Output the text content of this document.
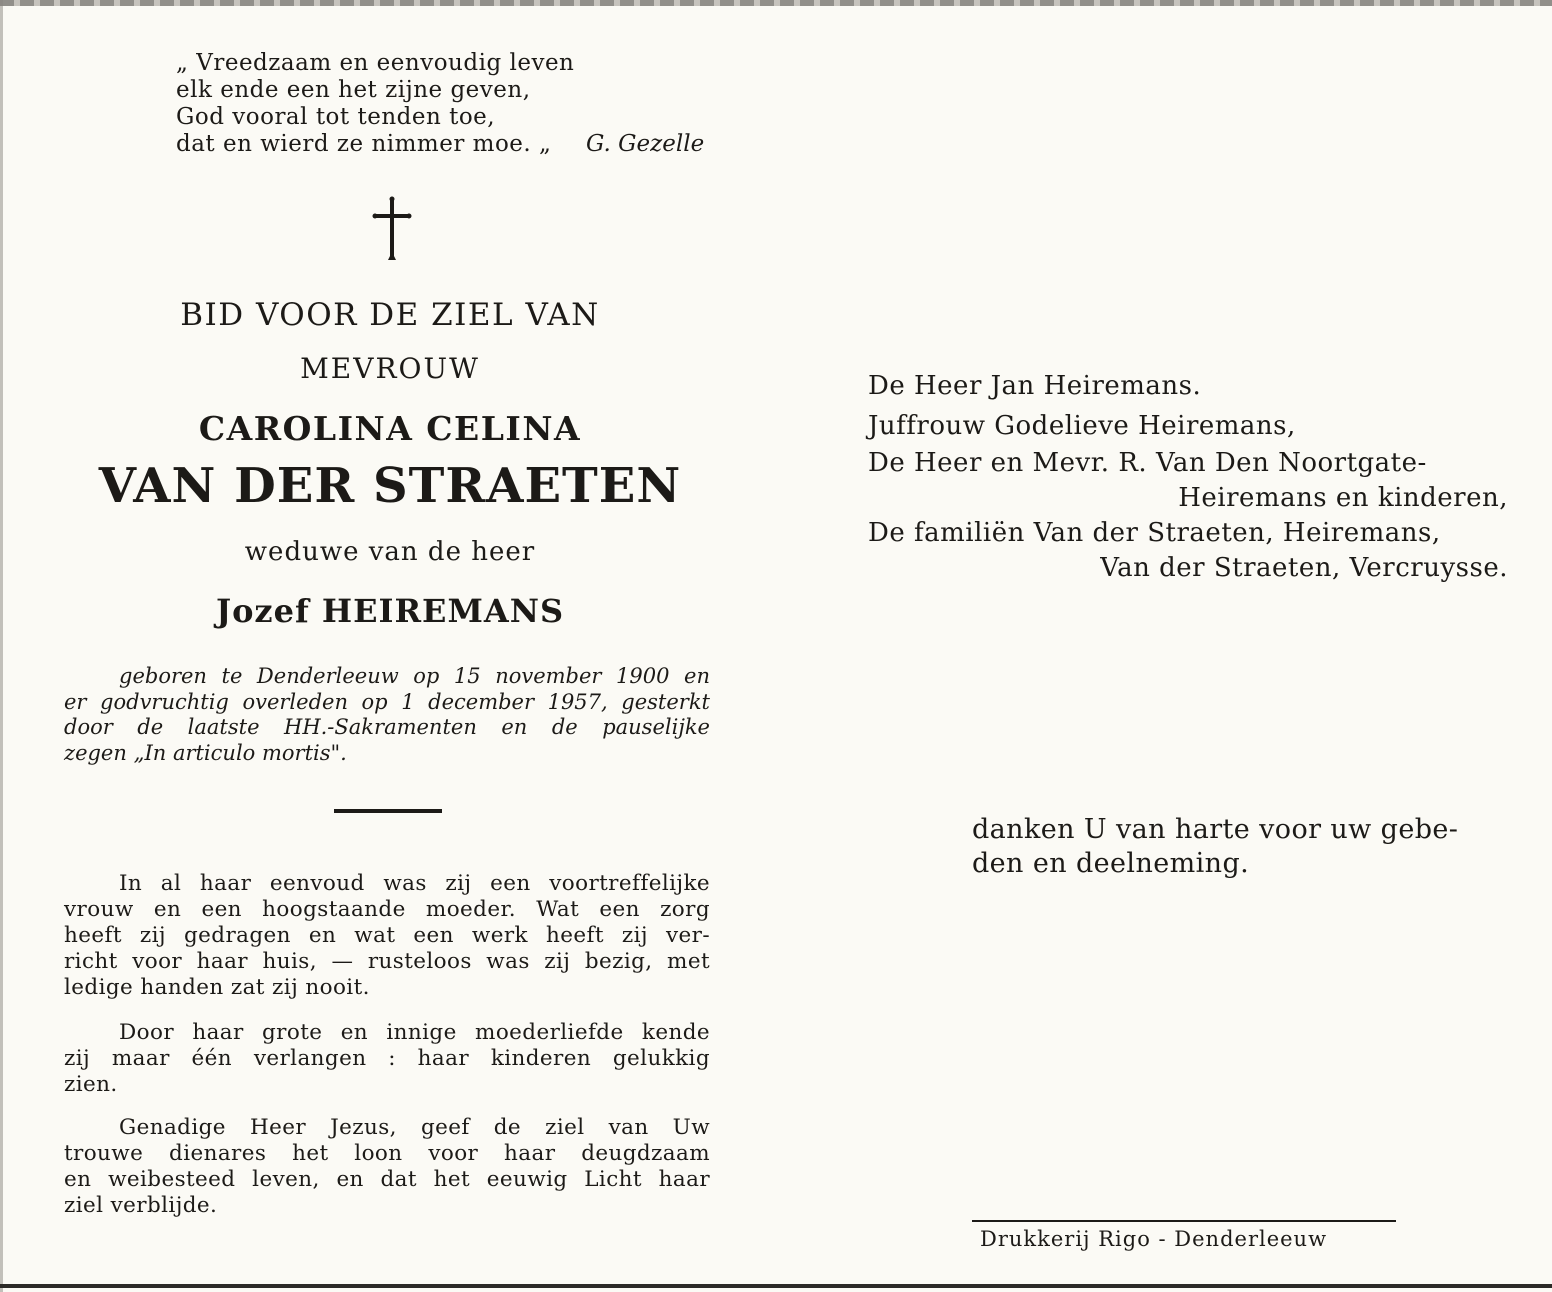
„ Vreedzaam en eenvoudig leven
elk ende een het zijne geven,
God vooral tot tenden toe,
dat en wierd ze nimmer moe. „	G. Gezelle
BID VOOR DE ZIEL VAN
MEVROUW
CAROLINA CELINA
VAN DER STRAETEN
weduwe van de heer
Jozef HEIREMANS
geboren te Denderleeuw op 15 november 1900 en
er godvruchtig overleden op 1 december 1957, gesterkt
door de laatste HH.-Sakramenten en de pauselijke
zegen „In articulo mortis".
In al haar eenvoud was zij een voortreffelijke
vrouw en een hoogstaande moeder. Wat een zorg
heeft zij gedragen en wat een werk heeft zij ver-
richt voor haar huis, — rusteloos was zij bezig, met
ledige handen zat zij nooit.
Door haar grote en innige moederliefde kende
zij maar één verlangen : haar kinderen gelukkig
zien.
Genadige Heer Jezus, geef de ziel van Uw
trouwe dienares het loon voor haar deugdzaam
en weibesteed leven, en dat het eeuwig Licht haar
ziel verblijde.
De Heer Jan Heiremans.
Juffrouw Godelieve Heiremans,
De Heer en Mevr. R. Van Den Noortgate-
Heiremans en kinderen,
De familiën Van der Straeten, Heiremans,
Van der Straeten, Vercruysse.
danken U van harte voor uw gebe-
den en deelneming.
Drukkerij Rigo - Denderleeuw
